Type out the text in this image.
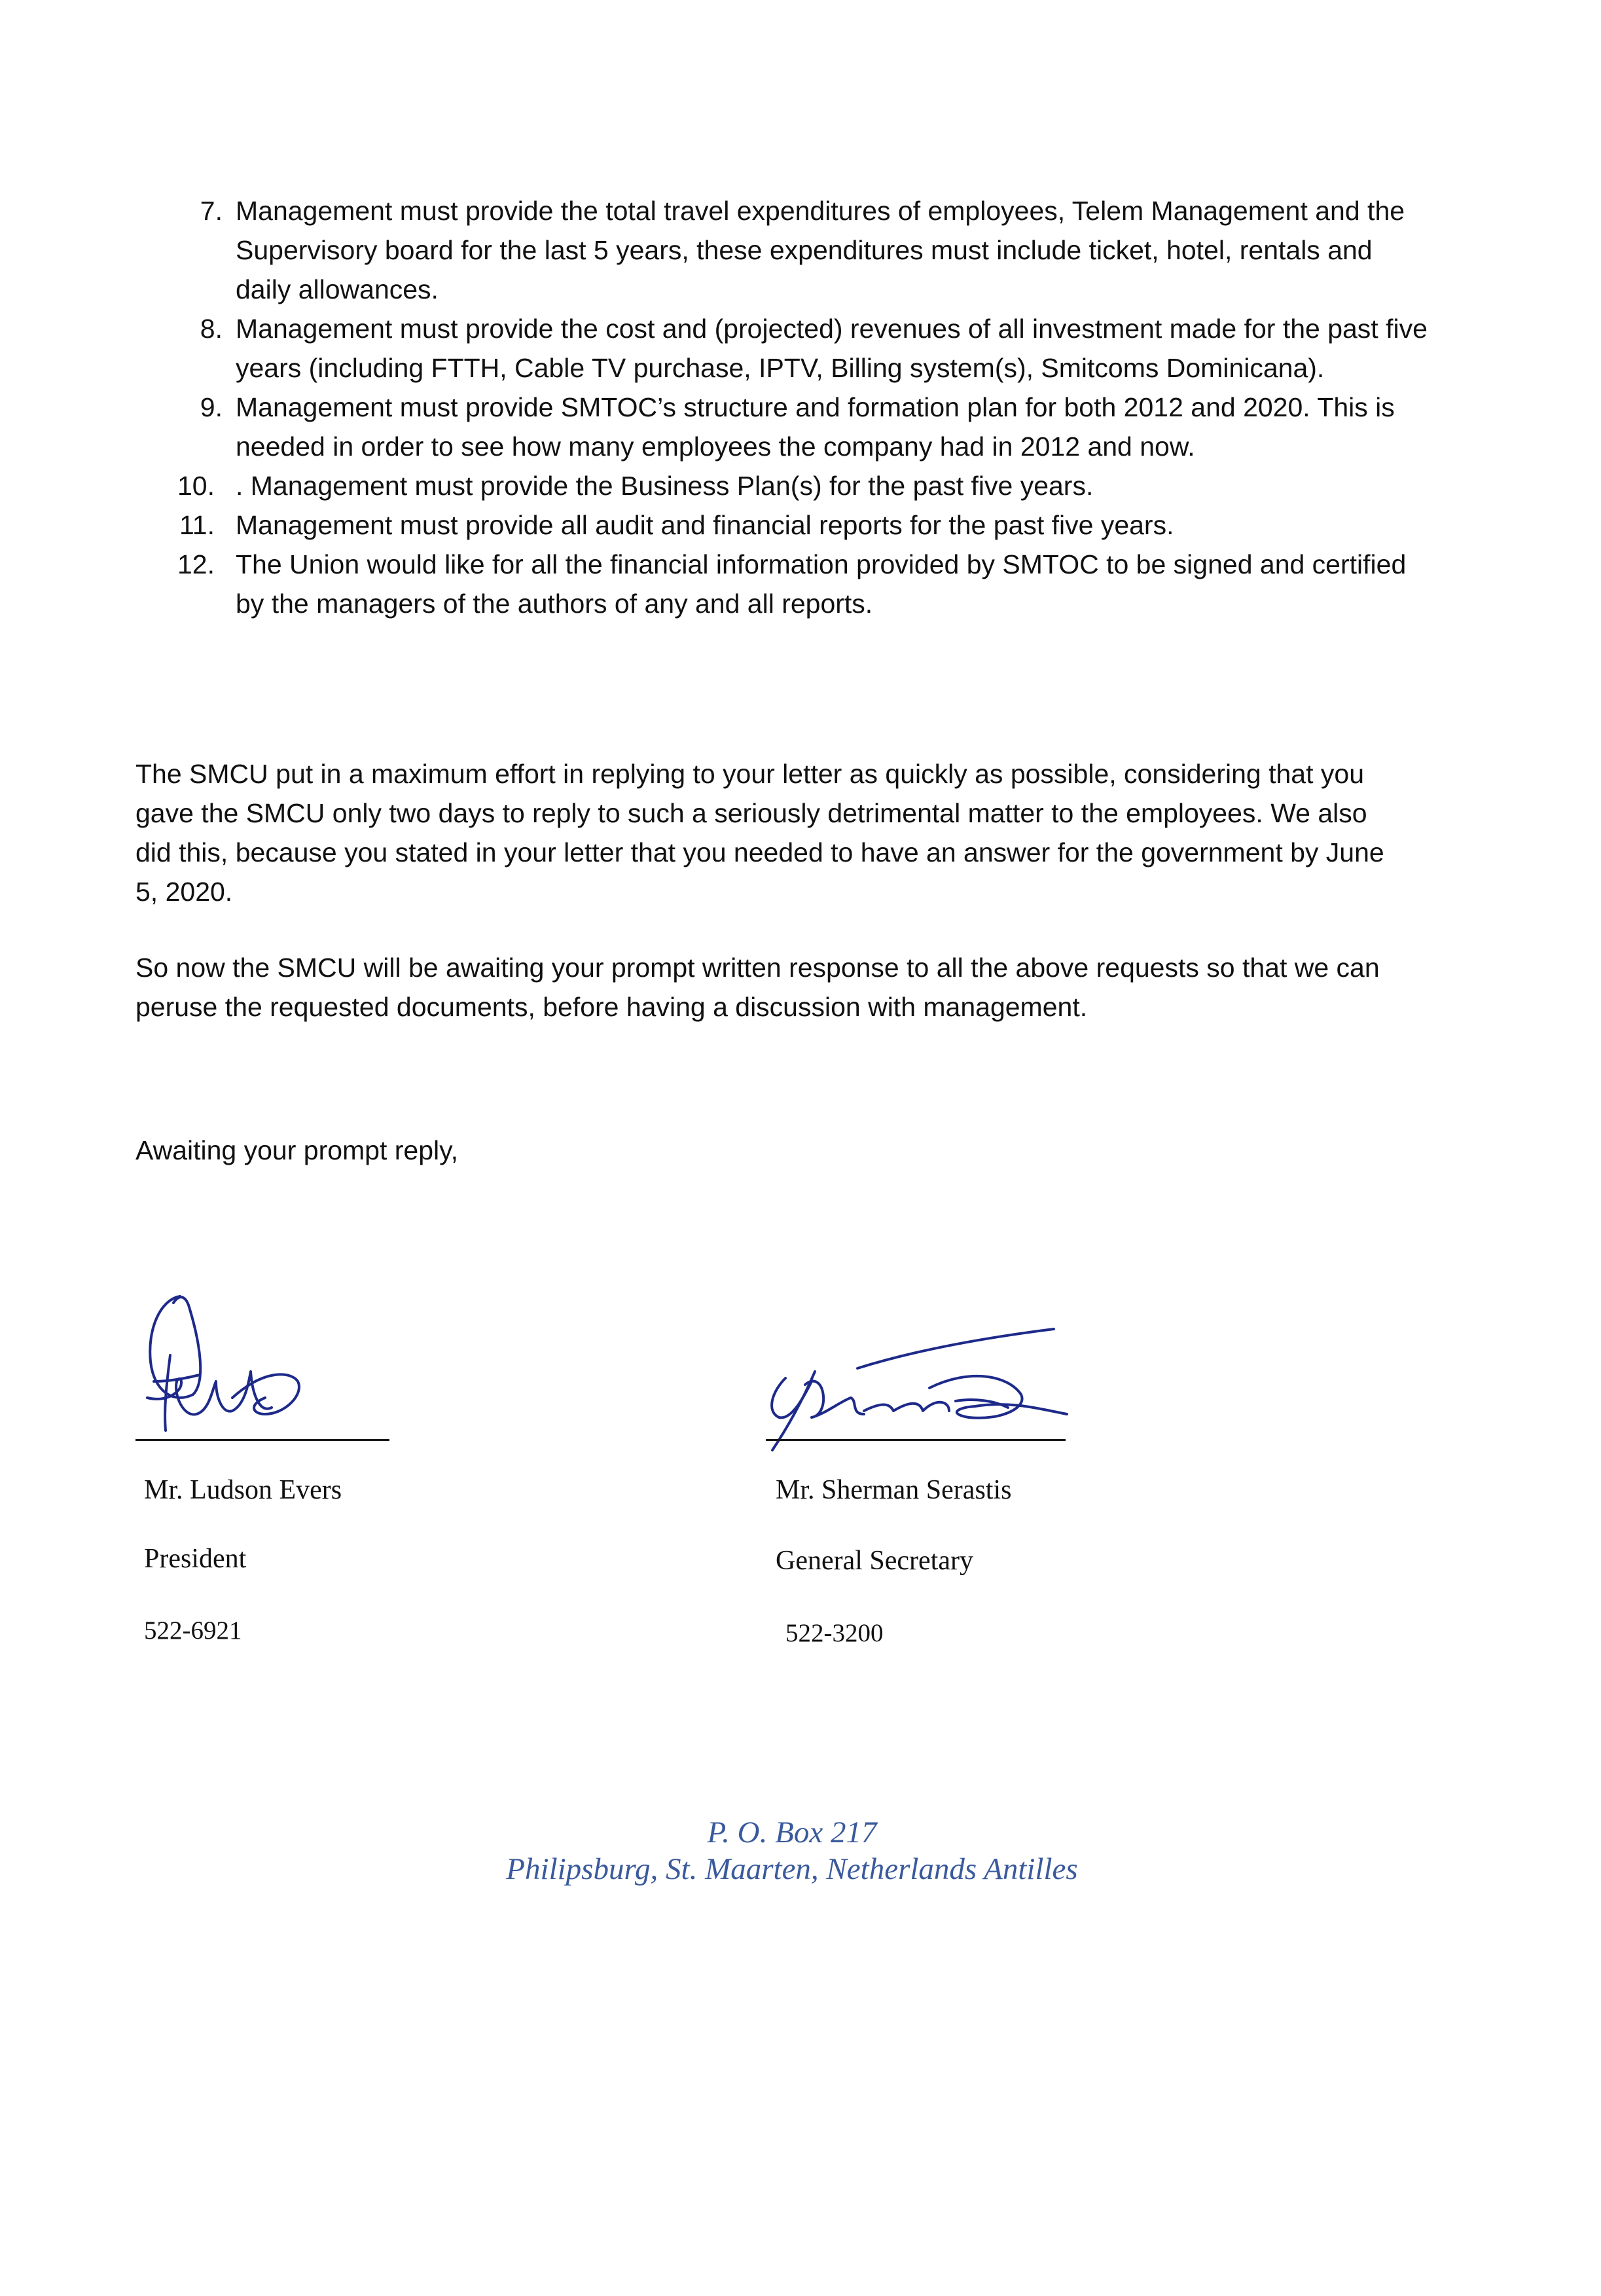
7. Management must provide the total travel expenditures of employees, Telem Management and the Supervisory board for the last 5 years, these expenditures must include ticket, hotel, rentals and daily allowances.
8. Management must provide the cost and (projected) revenues of all investment made for the past five years (including FTTH, Cable TV purchase, IPTV, Billing system(s), Smitcoms Dominicana).
9. Management must provide SMTOC’s structure and formation plan for both 2012 and 2020. This is needed in order to see how many employees the company had in 2012 and now.
10. . Management must provide the Business Plan(s) for the past five years.
11. Management must provide all audit and financial reports for the past five years.
12. The Union would like for all the financial information provided by SMTOC to be signed and certified by the managers of the authors of any and all reports.

The SMCU put in a maximum effort in replying to your letter as quickly as possible, considering that you gave the SMCU only two days to reply to such a seriously detrimental matter to the employees. We also did this, because you stated in your letter that you needed to have an answer for the government by June 5, 2020.

So now the SMCU will be awaiting your prompt written response to all the above requests so that we can peruse the requested documents, before having a discussion with management.

Awaiting your prompt reply,

Mr. Ludson Evers
President
522-6921
Mr. Sherman Serastis
General Secretary
522-3200
P. O. Box 217
Philipsburg, St. Maarten, Netherlands Antilles
